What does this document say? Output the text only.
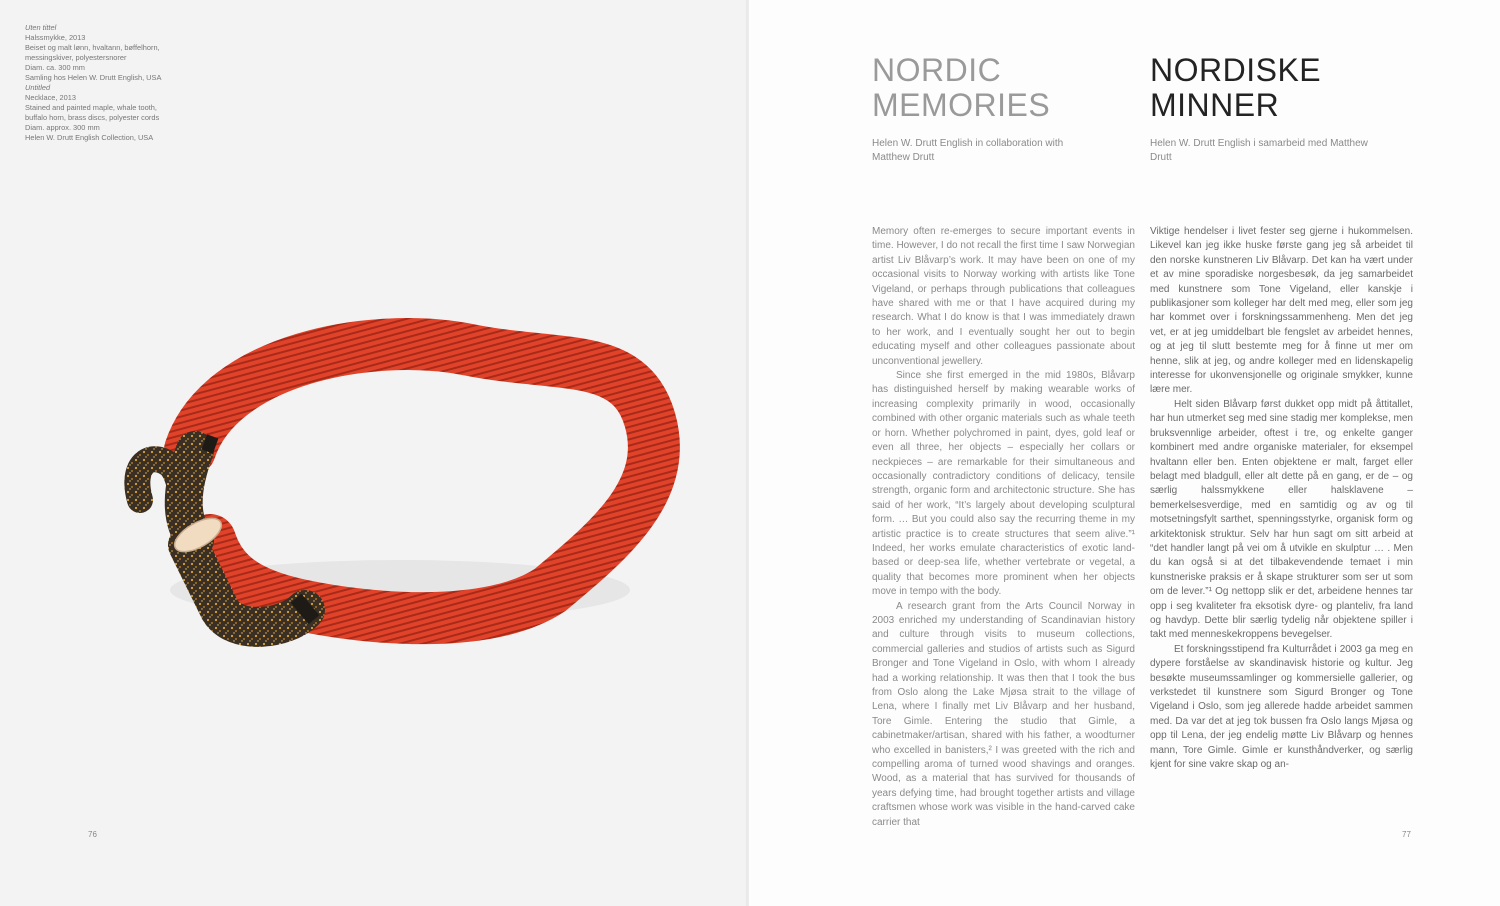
Uten tittel
Halssmykke, 2013
Beiset og malt lønn, hvaltann, bøffelhorn,
messingskiver, polyestersnorer
Diam. ca. 300 mm
Samling hos Helen W. Drutt English, USA
Untitled
Necklace, 2013
Stained and painted maple, whale tooth,
buffalo horn, brass discs, polyester cords
Diam. approx. 300 mm
Helen W. Drutt English Collection, USA
76
NORDIC
MEMORIES
NORDISKE
MINNER
Helen W. Drutt English in collaboration with Matthew Drutt
Helen W. Drutt English i samarbeid med Matthew Drutt

Memory often re-emerges to secure important events in time. However, I do not recall the first time I saw Norwegian artist Liv Blåvarp’s work. It may have been on one of my occasional visits to Norway working with artists like Tone Vigeland, or perhaps through publications that colleagues have shared with me or that I have acquired during my research. What I do know is that I was immediately drawn to her work, and I eventually sought her out to begin educating myself and other colleagues passionate about unconventional jewellery.

Since she first emerged in the mid 1980s, Blåvarp has distinguished herself by making wearable works of increasing complexity primarily in wood, occasionally combined with other organic materials such as whale teeth or horn. Whether polychromed in paint, dyes, gold leaf or even all three, her objects – especially her collars or neckpieces – are remarkable for their simultaneous and occasionally contradictory conditions of delicacy, tensile strength, organic form and architectonic structure. She has said of her work, “It’s largely about developing sculptural form. … But you could also say the recurring theme in my artistic practice is to create structures that seem alive.”¹ Indeed, her works emulate characteristics of exotic land-based or deep-sea life, whether vertebrate or vegetal, a quality that becomes more prominent when her objects move in tempo with the body.

A research grant from the Arts Council Norway in 2003 enriched my understanding of Scandinavian history and culture through visits to museum collections, commercial galleries and studios of artists such as Sigurd Bronger and Tone Vigeland in Oslo, with whom I already had a working relationship. It was then that I took the bus from Oslo along the Lake Mjøsa strait to the village of Lena, where I finally met Liv Blåvarp and her husband, Tore Gimle. Entering the studio that Gimle, a cabinetmaker/artisan, shared with his father, a woodturner who excelled in banisters,² I was greeted with the rich and compelling aroma of turned wood shavings and oranges. Wood, as a material that has survived for thousands of years defying time, had brought together artists and village craftsmen whose work was visible in the hand-carved cake carrier that

Viktige hendelser i livet fester seg gjerne i hukommelsen. Likevel kan jeg ikke huske første gang jeg så arbeidet til den norske kunstneren Liv Blåvarp. Det kan ha vært under et av mine sporadiske norgesbesøk, da jeg samarbeidet med kunstnere som Tone Vigeland, eller kanskje i publikasjoner som kolleger har delt med meg, eller som jeg har kommet over i forskningssammenheng. Men det jeg vet, er at jeg umiddelbart ble fengslet av arbeidet hennes, og at jeg til slutt bestemte meg for å finne ut mer om henne, slik at jeg, og andre kolleger med en lidenskapelig interesse for ukonvensjonelle og originale smykker, kunne lære mer.

Helt siden Blåvarp først dukket opp midt på åttitallet, har hun utmerket seg med sine stadig mer komplekse, men bruksvennlige arbeider, oftest i tre, og enkelte ganger kombinert med andre organiske materialer, for eksempel hvaltann eller ben. Enten objektene er malt, farget eller belagt med bladgull, eller alt dette på en gang, er de – og særlig halssmykkene eller halsklavene – bemerkelsesverdige, med en samtidig og av og til motsetningsfylt sarthet, spenningsstyrke, organisk form og arkitektonisk struktur. Selv har hun sagt om sitt arbeid at “det handler langt på vei om å utvikle en skulptur … . Men du kan også si at det tilbakevendende temaet i min kunstneriske praksis er å skape strukturer som ser ut som om de lever.”¹ Og nettopp slik er det, arbeidene hennes tar opp i seg kvaliteter fra eksotisk dyre- og planteliv, fra land og havdyp. Dette blir særlig tydelig når objektene spiller i takt med menneskekroppens bevegelser.

Et forskningsstipend fra Kulturrådet i 2003 ga meg en dypere forståelse av skandinavisk historie og kultur. Jeg besøkte museumssamlinger og kommersielle gallerier, og verkstedet til kunstnere som Sigurd Bronger og Tone Vigeland i Oslo, som jeg allerede hadde arbeidet sammen med. Da var det at jeg tok bussen fra Oslo langs Mjøsa og opp til Lena, der jeg endelig møtte Liv Blåvarp og hennes mann, Tore Gimle. Gimle er kunsthåndverker, og særlig kjent for sine vakre skap og an-

77
